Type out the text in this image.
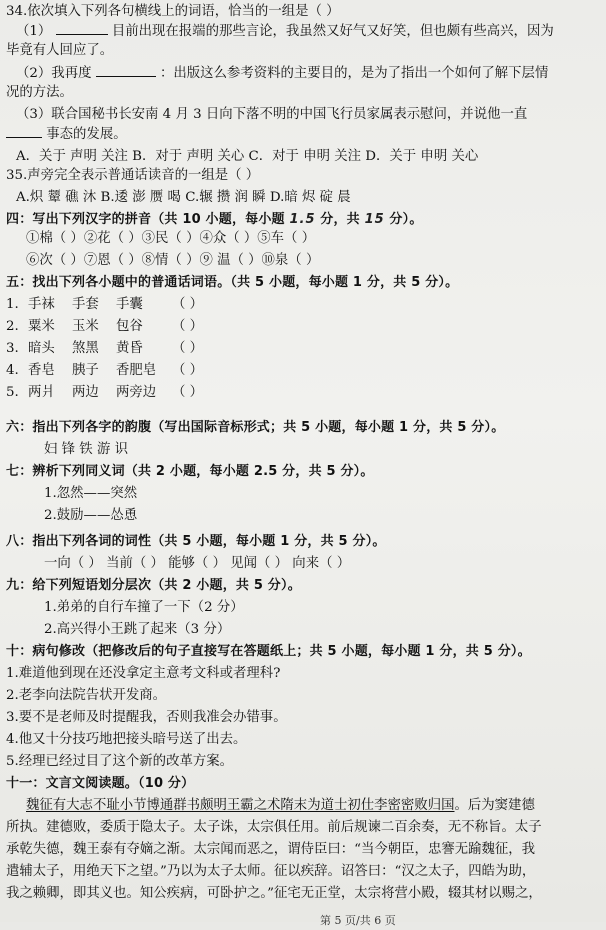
34.依次填入下列各句横线上的词语，恰当的一组是（ ）
（1）	目前出现在报端的那些言论，我虽然又好气又好笑，但也颇有些高兴，因为
毕竟有人回应了。
（2）我再度	：出版这么参考资料的主要目的，是为了指出一个如何了解下层情
况的方法。
（3）联合国秘书长安南 4 月 3 日向下落不明的中国飞行员家属表示慰问，并说他一直
事态的发展。
A．关于 声明 关注 B．对于 声明 关心 C．对于 申明 关注 D．关于 申明 关心
35.声旁完全表示普通话读音的一组是（ ）
A.炽 颦 礁 沐 B.逶 澎 赝 喝 C.辗 攒 润 瞬 D.暗 烬 碇 晨
四：写出下列汉字的拼音（共 10 小题，每小题 1.5 分，共 15 分）。
①棉（ ）②花（ ）③民（ ）④众（ ）⑤车（ ）
⑥次（ ）⑦恩（ ）⑧情（ ）⑨ 温（ ）⑩泉（ ）
五：找出下列各小题中的普通话词语。（共 5 小题，每小题 1 分，共 5 分）。
1. 手袜	手套	手囊	（ ）
2. 粟米	玉米	包谷	（ ）
3. 暗头	煞黑	黄昏	（ ）
4. 香皂	胰子	香肥皂	（ ）
5. 两爿	两边	两旁边	（ ）
六：指出下列各字的韵腹（写出国际音标形式；共 5 小题，每小题 1 分，共 5 分）。
妇 锋 铁 游 识
七：辨析下列同义词（共 2 小题，每小题 2.5 分，共 5 分）。
1.忽然——突然
2.鼓励——怂恿
八：指出下列各词的词性（共 5 小题，每小题 1 分，共 5 分）。
一向（ ） 当前（ ） 能够（ ） 见闻（ ） 向来（ ）
九：给下列短语划分层次（共 2 小题，共 5 分）。
1.弟弟的自行车撞了一下（2 分）
2.高兴得小王跳了起来（3 分）
十：病句修改（把修改后的句子直接写在答题纸上；共 5 小题，每小题 1 分，共 5 分）。
1.难道他到现在还没拿定主意考文科或者理科?
2.老李向法院告状开发商。
3.要不是老师及时提醒我，否则我准会办错事。
4.他又十分技巧地把接头暗号送了出去。
5.经理已经过目了这个新的改革方案。
十一：文言文阅读题。（10 分）
魏征有大志不耻小节博通群书颇明王霸之术隋末为道士初仕李密密败归国。后为窦建德
所执。建德败，委质于隐太子。太子诛，太宗俱任用。前后规谏二百余奏，无不称旨。太子
承乾失德，魏王泰有夺嫡之渐。太宗闻而恶之，谓侍臣曰：“当今朝臣，忠謇无踰魏征，我
遣辅太子，用绝天下之望。”乃以为太子太师。征以疾辞。诏答曰：“汉之太子，四皓为助，
我之赖卿，即其义也。知公疾病，可卧护之。”征宅无正堂，太宗将营小殿，辍其材以赐之，
第 5 页/共 6 页
